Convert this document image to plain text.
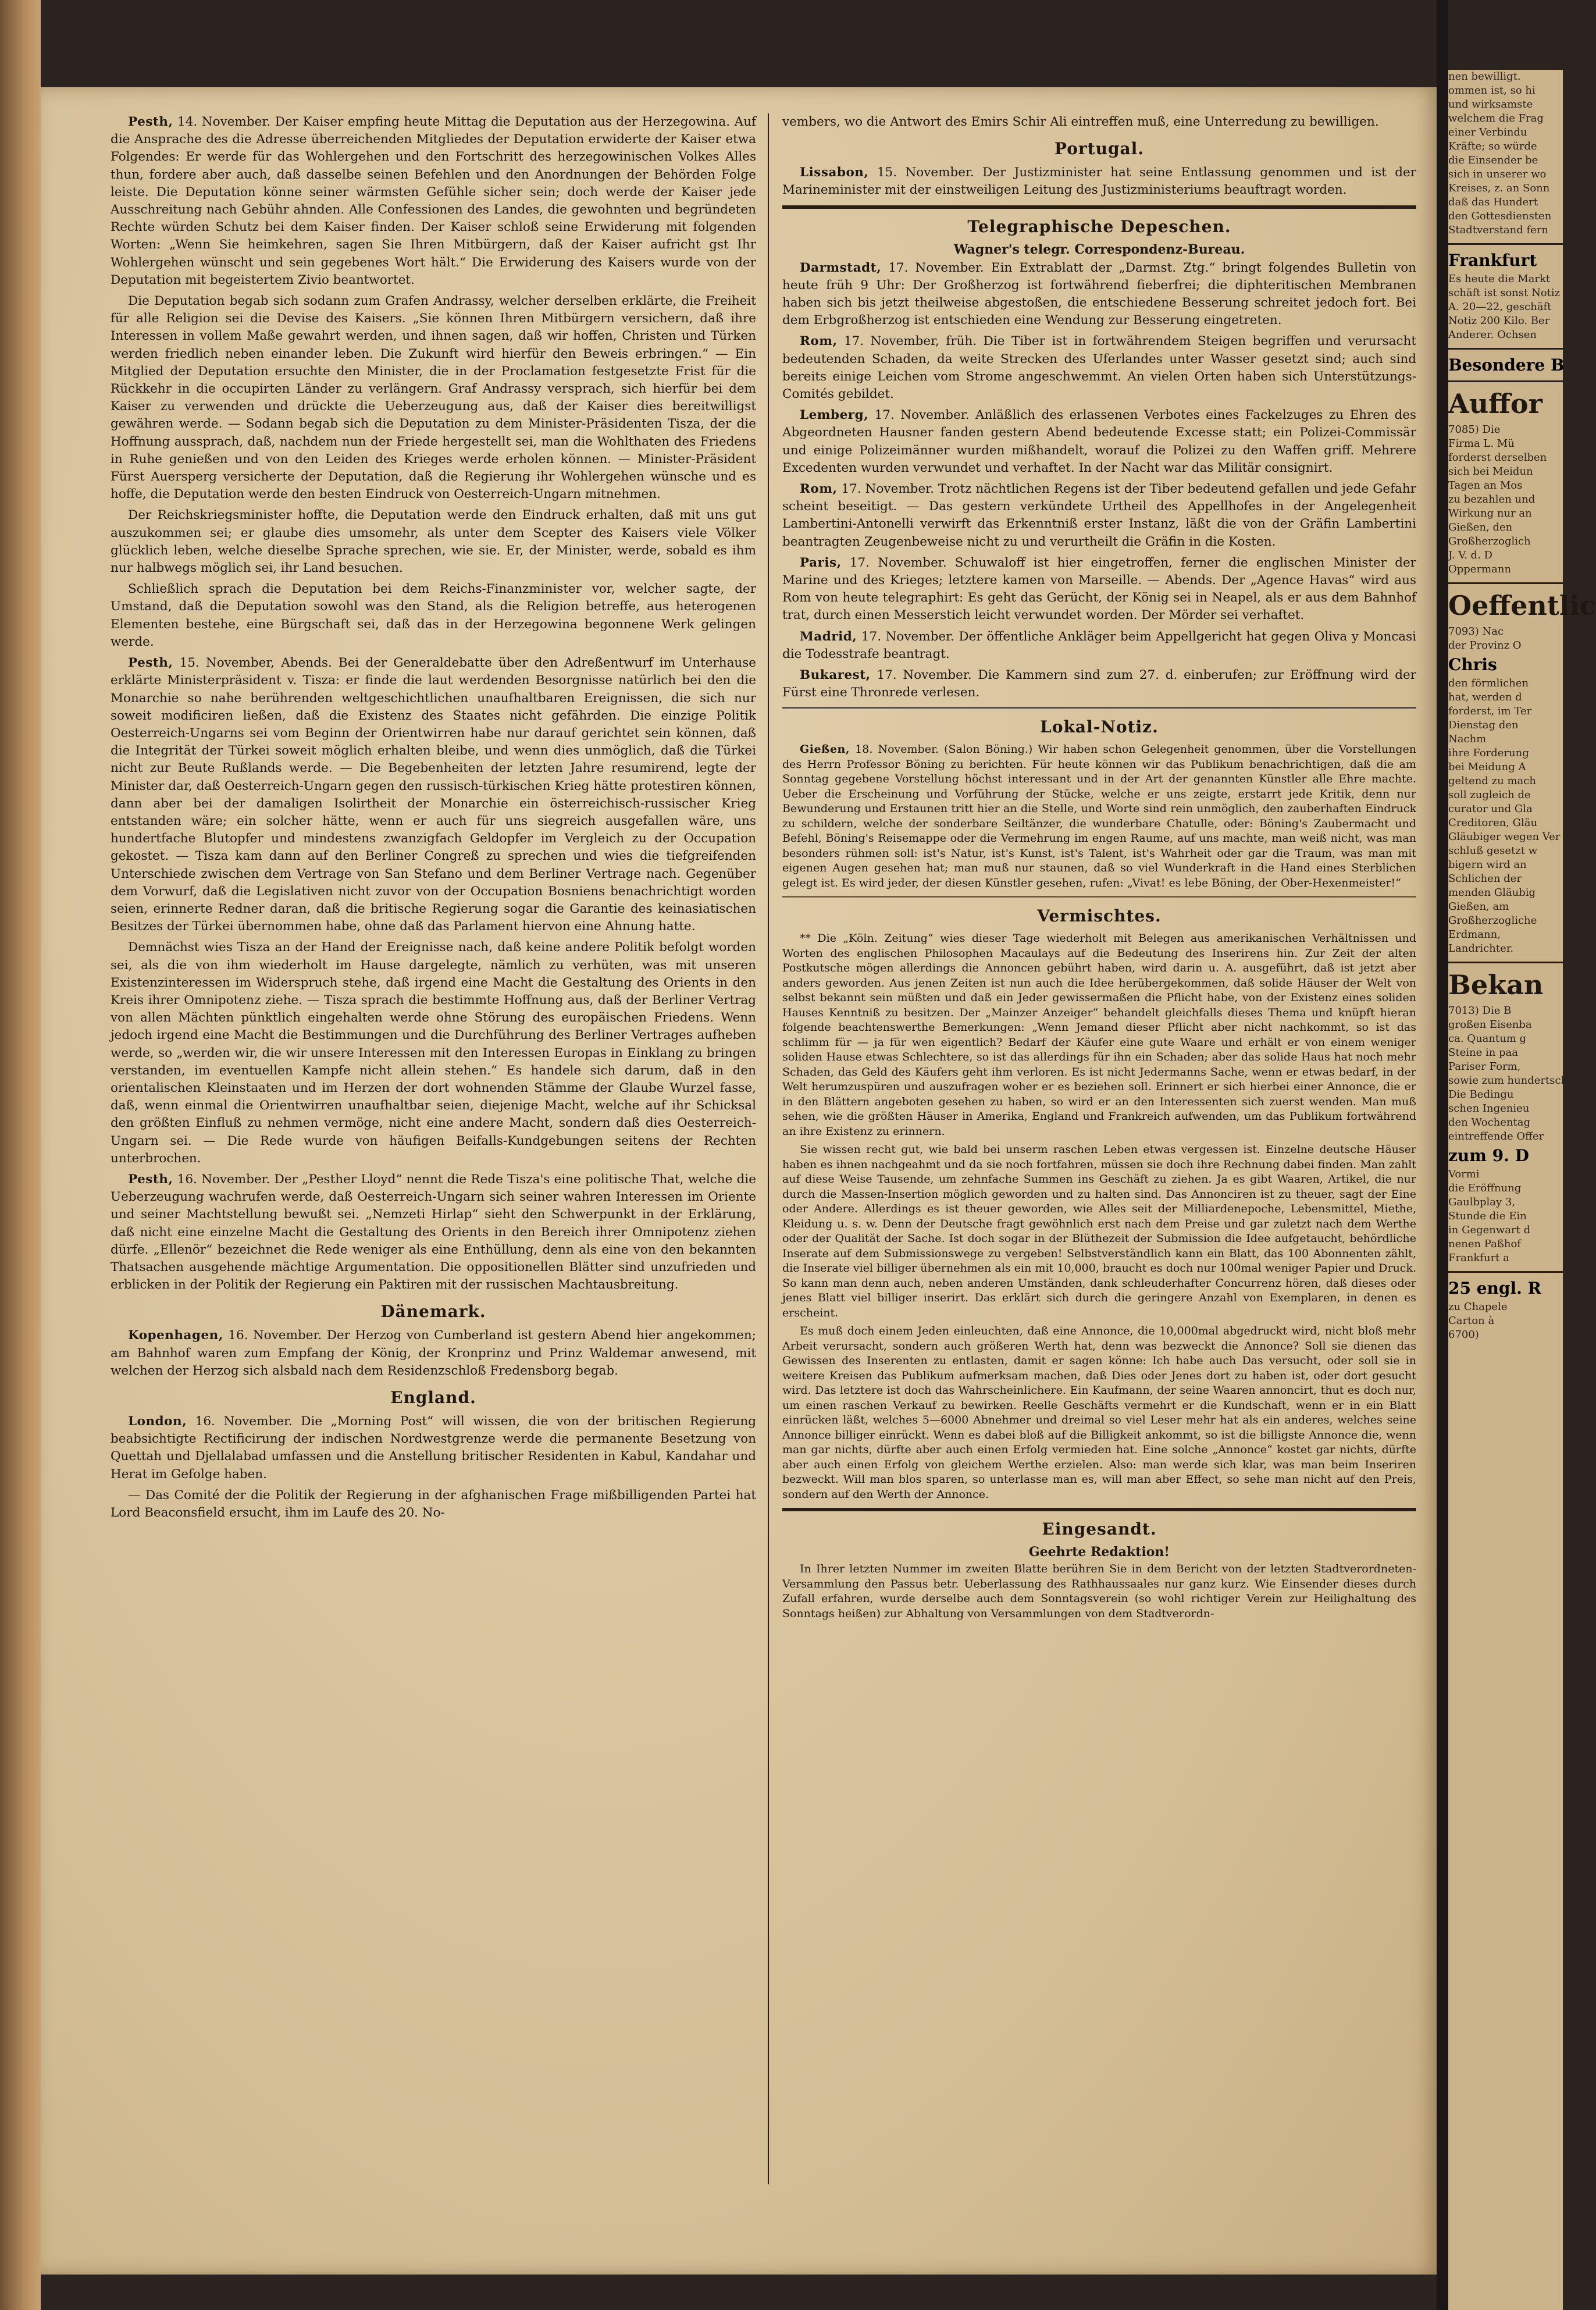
Pesth, 14. November. Der Kaiser empfing heute Mittag die Deputation aus der Herzegowina. Auf die Ansprache des die Adresse überreichenden Mitgliedes der Deputation erwiderte der Kaiser etwa Folgendes: Er werde für das Wohlergehen und den Fortschritt des herzegowinischen Volkes Alles thun, fordere aber auch, daß dasselbe seinen Befehlen und den Anordnungen der Behörden Folge leiste. Die Deputation könne seiner wärmsten Gefühle sicher sein; doch werde der Kaiser jede Ausschreitung nach Gebühr ahnden. Alle Confessionen des Landes, die gewohnten und begründeten Rechte würden Schutz bei dem Kaiser finden. Der Kaiser schloß seine Erwiderung mit folgenden Worten: „Wenn Sie heimkehren, sagen Sie Ihren Mitbürgern, daß der Kaiser aufricht gst Ihr Wohlergehen wünscht und sein gegebenes Wort hält.“ Die Erwiderung des Kaisers wurde von der Deputation mit begeistertem Zivio beantwortet.

Die Deputation begab sich sodann zum Grafen Andrassy, welcher derselben erklärte, die Freiheit für alle Religion sei die Devise des Kaisers. „Sie können Ihren Mitbürgern versichern, daß ihre Interessen in vollem Maße gewahrt werden, und ihnen sagen, daß wir hoffen, Christen und Türken werden friedlich neben einander leben. Die Zukunft wird hierfür den Beweis erbringen.“ — Ein Mitglied der Deputation ersuchte den Minister, die in der Proclamation festgesetzte Frist für die Rückkehr in die occupirten Länder zu verlängern. Graf Andrassy versprach, sich hierfür bei dem Kaiser zu verwenden und drückte die Ueberzeugung aus, daß der Kaiser dies bereitwilligst gewähren werde. — Sodann begab sich die Deputation zu dem Minister-Präsidenten Tisza, der die Hoffnung aussprach, daß, nachdem nun der Friede hergestellt sei, man die Wohlthaten des Friedens in Ruhe genießen und von den Leiden des Krieges werde erholen können. — Minister-Präsident Fürst Auersperg versicherte der Deputation, daß die Regierung ihr Wohlergehen wünsche und es hoffe, die Deputation werde den besten Eindruck von Oesterreich-Ungarn mitnehmen.

Der Reichskriegsminister hoffte, die Deputation werde den Eindruck erhalten, daß mit uns gut auszukommen sei; er glaube dies umsomehr, als unter dem Scepter des Kaisers viele Völker glücklich leben, welche dieselbe Sprache sprechen, wie sie. Er, der Minister, werde, sobald es ihm nur halbwegs möglich sei, ihr Land besuchen.

Schließlich sprach die Deputation bei dem Reichs-Finanzminister vor, welcher sagte, der Umstand, daß die Deputation sowohl was den Stand, als die Religion betreffe, aus heterogenen Elementen bestehe, eine Bürgschaft sei, daß das in der Herzegowina begonnene Werk gelingen werde.

Pesth, 15. November, Abends. Bei der Generaldebatte über den Adreßentwurf im Unterhause erklärte Ministerpräsident v. Tisza: er finde die laut werdenden Besorgnisse natürlich bei den die Monarchie so nahe berührenden weltgeschichtlichen unaufhaltbaren Ereignissen, die sich nur soweit modificiren ließen, daß die Existenz des Staates nicht gefährden. Die einzige Politik Oesterreich-Ungarns sei vom Beginn der Orientwirren habe nur darauf gerichtet sein können, daß die Integrität der Türkei soweit möglich erhalten bleibe, und wenn dies unmöglich, daß die Türkei nicht zur Beute Rußlands werde. — Die Begebenheiten der letzten Jahre resumirend, legte der Minister dar, daß Oesterreich-Ungarn gegen den russisch-türkischen Krieg hätte protestiren können, dann aber bei der damaligen Isolirtheit der Monarchie ein österreichisch-russischer Krieg entstanden wäre; ein solcher hätte, wenn er auch für uns siegreich ausgefallen wäre, uns hundertfache Blutopfer und mindestens zwanzigfach Geldopfer im Vergleich zu der Occupation gekostet. — Tisza kam dann auf den Berliner Congreß zu sprechen und wies die tiefgreifenden Unterschiede zwischen dem Vertrage von San Stefano und dem Berliner Vertrage nach. Gegenüber dem Vorwurf, daß die Legislativen nicht zuvor von der Occupation Bosniens benachrichtigt worden seien, erinnerte Redner daran, daß die britische Regierung sogar die Garantie des keinasiatischen Besitzes der Türkei übernommen habe, ohne daß das Parlament hiervon eine Ahnung hatte.

Demnächst wies Tisza an der Hand der Ereignisse nach, daß keine andere Politik befolgt worden sei, als die von ihm wiederholt im Hause dargelegte, nämlich zu verhüten, was mit unseren Existenzinteressen im Widerspruch stehe, daß irgend eine Macht die Gestaltung des Orients in den Kreis ihrer Omnipotenz ziehe. — Tisza sprach die bestimmte Hoffnung aus, daß der Berliner Vertrag von allen Mächten pünktlich eingehalten werde ohne Störung des europäischen Friedens. Wenn jedoch irgend eine Macht die Bestimmungen und die Durchführung des Berliner Vertrages aufheben werde, so „werden wir, die wir unsere Interessen mit den Interessen Europas in Einklang zu bringen verstanden, im eventuellen Kampfe nicht allein stehen.“ Es handele sich darum, daß in den orientalischen Kleinstaaten und im Herzen der dort wohnenden Stämme der Glaube Wurzel fasse, daß, wenn einmal die Orientwirren unaufhaltbar seien, diejenige Macht, welche auf ihr Schicksal den größten Einfluß zu nehmen vermöge, nicht eine andere Macht, sondern daß dies Oesterreich-Ungarn sei. — Die Rede wurde von häufigen Beifalls-Kundgebungen seitens der Rechten unterbrochen.

Pesth, 16. November. Der „Pesther Lloyd“ nennt die Rede Tisza's eine politische That, welche die Ueberzeugung wachrufen werde, daß Oesterreich-Ungarn sich seiner wahren Interessen im Oriente und seiner Machtstellung bewußt sei. „Nemzeti Hirlap“ sieht den Schwerpunkt in der Erklärung, daß nicht eine einzelne Macht die Gestaltung des Orients in den Bereich ihrer Omnipotenz ziehen dürfe. „Ellenör“ bezeichnet die Rede weniger als eine Enthüllung, denn als eine von den bekannten Thatsachen ausgehende mächtige Argumentation. Die oppositionellen Blätter sind unzufrieden und erblicken in der Politik der Regierung ein Paktiren mit der russischen Machtausbreitung.

Dänemark.

Kopenhagen, 16. November. Der Herzog von Cumberland ist gestern Abend hier angekommen; am Bahnhof waren zum Empfang der König, der Kronprinz und Prinz Waldemar anwesend, mit welchen der Herzog sich alsbald nach dem Residenzschloß Fredensborg begab.

England.

London, 16. November. Die „Morning Post“ will wissen, die von der britischen Regierung beabsichtigte Rectificirung der indischen Nordwestgrenze werde die permanente Besetzung von Quettah und Djellalabad umfassen und die Anstellung britischer Residenten in Kabul, Kandahar und Herat im Gefolge haben.

— Das Comité der die Politik der Regierung in der afghanischen Frage mißbilligenden Partei hat Lord Beaconsfield ersucht, ihm im Laufe des 20. No-

vembers, wo die Antwort des Emirs Schir Ali eintreffen muß, eine Unterredung zu bewilligen.

Portugal.

Lissabon, 15. November. Der Justizminister hat seine Entlassung genommen und ist der Marineminister mit der einstweiligen Leitung des Justizministeriums beauftragt worden.

Telegraphische Depeschen.
Wagner's telegr. Correspondenz-Bureau.

Darmstadt, 17. November. Ein Extrablatt der „Darmst. Ztg.“ bringt folgendes Bulletin von heute früh 9 Uhr: Der Großherzog ist fortwährend fieberfrei; die diphteritischen Membranen haben sich bis jetzt theilweise abgestoßen, die entschiedene Besserung schreitet jedoch fort. Bei dem Erbgroßherzog ist entschieden eine Wendung zur Besserung eingetreten.

Rom, 17. November, früh. Die Tiber ist in fortwährendem Steigen begriffen und verursacht bedeutenden Schaden, da weite Strecken des Uferlandes unter Wasser gesetzt sind; auch sind bereits einige Leichen vom Strome angeschwemmt. An vielen Orten haben sich Unterstützungs-Comités gebildet.

Lemberg, 17. November. Anläßlich des erlassenen Verbotes eines Fackelzuges zu Ehren des Abgeordneten Hausner fanden gestern Abend bedeutende Excesse statt; ein Polizei-Commissär und einige Polizeimänner wurden mißhandelt, worauf die Polizei zu den Waffen griff. Mehrere Excedenten wurden verwundet und verhaftet. In der Nacht war das Militär consignirt.

Rom, 17. November. Trotz nächtlichen Regens ist der Tiber bedeutend gefallen und jede Gefahr scheint beseitigt. — Das gestern verkündete Urtheil des Appellhofes in der Angelegenheit Lambertini-Antonelli verwirft das Erkenntniß erster Instanz, läßt die von der Gräfin Lambertini beantragten Zeugenbeweise nicht zu und verurtheilt die Gräfin in die Kosten.

Paris, 17. November. Schuwaloff ist hier eingetroffen, ferner die englischen Minister der Marine und des Krieges; letztere kamen von Marseille. — Abends. Der „Agence Havas“ wird aus Rom von heute telegraphirt: Es geht das Gerücht, der König sei in Neapel, als er aus dem Bahnhof trat, durch einen Messerstich leicht verwundet worden. Der Mörder sei verhaftet.

Madrid, 17. November. Der öffentliche Ankläger beim Appellgericht hat gegen Oliva y Moncasi die Todesstrafe beantragt.

Bukarest, 17. November. Die Kammern sind zum 27. d. einberufen; zur Eröffnung wird der Fürst eine Thronrede verlesen.

Lokal-Notiz.

Gießen, 18. November. (Salon Böning.) Wir haben schon Gelegenheit genommen, über die Vorstellungen des Herrn Professor Böning zu berichten. Für heute können wir das Publikum benachrichtigen, daß die am Sonntag gegebene Vorstellung höchst interessant und in der Art der genannten Künstler alle Ehre machte. Ueber die Erscheinung und Vorführung der Stücke, welche er uns zeigte, erstarrt jede Kritik, denn nur Bewunderung und Erstaunen tritt hier an die Stelle, und Worte sind rein unmöglich, den zauberhaften Eindruck zu schildern, welche der sonderbare Seiltänzer, die wunderbare Chatulle, oder: Böning's Zaubermacht und Befehl, Böning's Reisemappe oder die Vermehrung im engen Raume, auf uns machte, man weiß nicht, was man besonders rühmen soll: ist's Natur, ist's Kunst, ist's Talent, ist's Wahrheit oder gar die Traum, was man mit eigenen Augen gesehen hat; man muß nur staunen, daß so viel Wunderkraft in die Hand eines Sterblichen gelegt ist. Es wird jeder, der diesen Künstler gesehen, rufen: „Vivat! es lebe Böning, der Ober-Hexenmeister!“

Vermischtes.

** Die „Köln. Zeitung“ wies dieser Tage wiederholt mit Belegen aus amerikanischen Verhältnissen und Worten des englischen Philosophen Macaulays auf die Bedeutung des Inserirens hin. Zur Zeit der alten Postkutsche mögen allerdings die Annoncen gebührt haben, wird darin u. A. ausgeführt, daß ist jetzt aber anders geworden. Aus jenen Zeiten ist nun auch die Idee herübergekommen, daß solide Häuser der Welt von selbst bekannt sein müßten und daß ein Jeder gewissermaßen die Pflicht habe, von der Existenz eines soliden Hauses Kenntniß zu besitzen. Der „Mainzer Anzeiger“ behandelt gleichfalls dieses Thema und knüpft hieran folgende beachtenswerthe Bemerkungen: „Wenn Jemand dieser Pflicht aber nicht nachkommt, so ist das schlimm für — ja für wen eigentlich? Bedarf der Käufer eine gute Waare und erhält er von einem weniger soliden Hause etwas Schlechtere, so ist das allerdings für ihn ein Schaden; aber das solide Haus hat noch mehr Schaden, das Geld des Käufers geht ihm verloren. Es ist nicht Jedermanns Sache, wenn er etwas bedarf, in der Welt herumzuspüren und auszufragen woher er es beziehen soll. Erinnert er sich hierbei einer Annonce, die er in den Blättern angeboten gesehen zu haben, so wird er an den Interessenten sich zuerst wenden. Man muß sehen, wie die größten Häuser in Amerika, England und Frankreich aufwenden, um das Publikum fortwährend an ihre Existenz zu erinnern.

Sie wissen recht gut, wie bald bei unserm raschen Leben etwas vergessen ist. Einzelne deutsche Häuser haben es ihnen nachgeahmt und da sie noch fortfahren, müssen sie doch ihre Rechnung dabei finden. Man zahlt auf diese Weise Tausende, um zehnfache Summen ins Geschäft zu ziehen. Ja es gibt Waaren, Artikel, die nur durch die Massen-Insertion möglich geworden und zu halten sind. Das Annonciren ist zu theuer, sagt der Eine oder Andere. Allerdings es ist theuer geworden, wie Alles seit der Milliardenepoche, Lebensmittel, Miethe, Kleidung u. s. w. Denn der Deutsche fragt gewöhnlich erst nach dem Preise und gar zuletzt nach dem Werthe oder der Qualität der Sache. Ist doch sogar in der Blüthezeit der Submission die Idee aufgetaucht, behördliche Inserate auf dem Submissionswege zu vergeben! Selbstverständlich kann ein Blatt, das 100 Abonnenten zählt, die Inserate viel billiger übernehmen als ein mit 10,000, braucht es doch nur 100mal weniger Papier und Druck. So kann man denn auch, neben anderen Umständen, dank schleuderhafter Concurrenz hören, daß dieses oder jenes Blatt viel billiger inserirt. Das erklärt sich durch die geringere Anzahl von Exemplaren, in denen es erscheint.

Es muß doch einem Jeden einleuchten, daß eine Annonce, die 10,000mal abgedruckt wird, nicht bloß mehr Arbeit verursacht, sondern auch größeren Werth hat, denn was bezweckt die Annonce? Soll sie dienen das Gewissen des Inserenten zu entlasten, damit er sagen könne: Ich habe auch Das versucht, oder soll sie in weitere Kreisen das Publikum aufmerksam machen, daß Dies oder Jenes dort zu haben ist, oder dort gesucht wird. Das letztere ist doch das Wahrscheinlichere. Ein Kaufmann, der seine Waaren annoncirt, thut es doch nur, um einen raschen Verkauf zu bewirken. Reelle Geschäfts vermehrt er die Kundschaft, wenn er in ein Blatt einrücken läßt, welches 5—6000 Abnehmer und dreimal so viel Leser mehr hat als ein anderes, welches seine Annonce billiger einrückt. Wenn es dabei bloß auf die Billigkeit ankommt, so ist die billigste Annonce die, wenn man gar nichts, dürfte aber auch einen Erfolg vermieden hat. Eine solche „Annonce“ kostet gar nichts, dürfte aber auch einen Erfolg von gleichem Werthe erzielen. Also: man werde sich klar, was man beim Inseriren bezweckt. Will man blos sparen, so unterlasse man es, will man aber Effect, so sehe man nicht auf den Preis, sondern auf den Werth der Annonce.

Eingesandt.
Geehrte Redaktion!

In Ihrer letzten Nummer im zweiten Blatte berühren Sie in dem Bericht von der letzten Stadtverordneten-Versammlung den Passus betr. Ueberlassung des Rathhaussaales nur ganz kurz. Wie Einsender dieses durch Zufall erfahren, wurde derselbe auch dem Sonntagsverein (so wohl richtiger Verein zur Heilighaltung des Sonntags heißen) zur Abhaltung von Versammlungen von dem Stadtverordn-

nen bewilligt.
ommen ist, so hi
und wirksamste
welchem die Frag
einer Verbindu
Kräfte; so würde
die Einsender be
sich in unserer wo
Kreises, z. an Sonn
daß das Hundert
den Gottesdiensten
Stadtverstand fern
Frankfurt
Es heute die Markt
schäft ist sonst Notiz
A. 20—22, geschäft
Notiz 200 Kilo. Ber
Anderer. Ochsen
Besondere B
Auffor
7085) Die
Firma L. Mü
forderst derselben
sich bei Meidun
Tagen an Mos
zu bezahlen und
Wirkung nur an
Gießen, den
Großherzoglich
J. V. d. D
Oppermann
Oeffentlic
7093) Nac
der Provinz O
Chris
den förmlichen
hat, werden d
forderst, im Ter
Dienstag den
Nachm
ihre Forderung
bei Meidung A
geltend zu mach
soll zugleich de
curator und Gla
Creditoren, Gläu
Gläubiger wegen Ver
schluß gesetzt w
bigern wird an
Schlichen der
menden Gläubig
Gießen, am
Großherzogliche
Erdmann,
Landrichter.
Bekan
7013) Die B
großen Eisenba
ca. Quantum g
Steine in paa
Pariser Form,
sowie zum hundertsch
Die Bedingu
schen Ingenieu
den Wochentag
eintreffende Offer
zum 9. D
Vormi
die Eröffnung
Gaulbplay 3,
Stunde die Ein
in Gegenwart d
nenen Paßhof
Frankfurt a
25 engl. R
zu Chapele
Carton à
6700)
